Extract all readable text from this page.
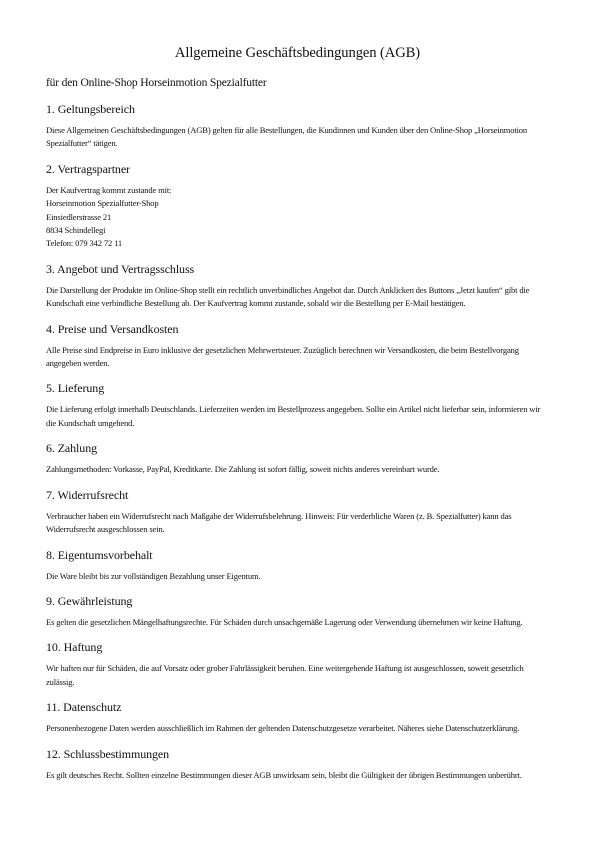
Allgemeine Geschäftsbedingungen (AGB)

für den Online-Shop Horseinmotion Spezialfutter

1. Geltungsbereich

Diese Allgemeinen Geschäftsbedingungen (AGB) gelten für alle Bestellungen, die Kundinnen und Kunden über den Online-Shop „Horseinmotion Spezialfutter“ tätigen.

2. Vertragspartner

Der Kaufvertrag kommt zustande mit:
Horseinmotion Spezialfutter-Shop
Einsiedlerstrasse 21
8834 Schindellegi
Telefon: 079 342 72 11

3. Angebot und Vertragsschluss

Die Darstellung der Produkte im Online-Shop stellt ein rechtlich unverbindliches Angebot dar. Durch Anklicken des Buttons „Jetzt kaufen“ gibt die Kundschaft eine verbindliche Bestellung ab. Der Kaufvertrag kommt zustande, sobald wir die Bestellung per E-Mail bestätigen.

4. Preise und Versandkosten

Alle Preise sind Endpreise in Euro inklusive der gesetzlichen Mehrwertsteuer. Zuzüglich berechnen wir Versandkosten, die beim Bestellvorgang angegeben werden.

5. Lieferung

Die Lieferung erfolgt innerhalb Deutschlands. Lieferzeiten werden im Bestellprozess angegeben. Sollte ein Artikel nicht lieferbar sein, informieren wir die Kundschaft umgehend.

6. Zahlung

Zahlungsmethoden: Vorkasse, PayPal, Kreditkarte. Die Zahlung ist sofort fällig, soweit nichts anderes vereinbart wurde.

7. Widerrufsrecht

Verbraucher haben ein Widerrufsrecht nach Maßgabe der Widerrufsbelehrung. Hinweis: Für verderbliche Waren (z. B. Spezialfutter) kann das Widerrufsrecht ausgeschlossen sein.

8. Eigentumsvorbehalt

Die Ware bleibt bis zur vollständigen Bezahlung unser Eigentum.

9. Gewährleistung

Es gelten die gesetzlichen Mängelhaftungsrechte. Für Schäden durch unsachgemäße Lagerung oder Verwendung übernehmen wir keine Haftung.

10. Haftung

Wir haften nur für Schäden, die auf Vorsatz oder grober Fahrlässigkeit beruhen. Eine weitergehende Haftung ist ausgeschlossen, soweit gesetzlich zulässig.

11. Datenschutz

Personenbezogene Daten werden ausschließlich im Rahmen der geltenden Datenschutzgesetze verarbeitet. Näheres siehe Datenschutzerklärung.

12. Schlussbestimmungen

Es gilt deutsches Recht. Sollten einzelne Bestimmungen dieser AGB unwirksam sein, bleibt die Gültigkeit der übrigen Bestimmungen unberührt.
